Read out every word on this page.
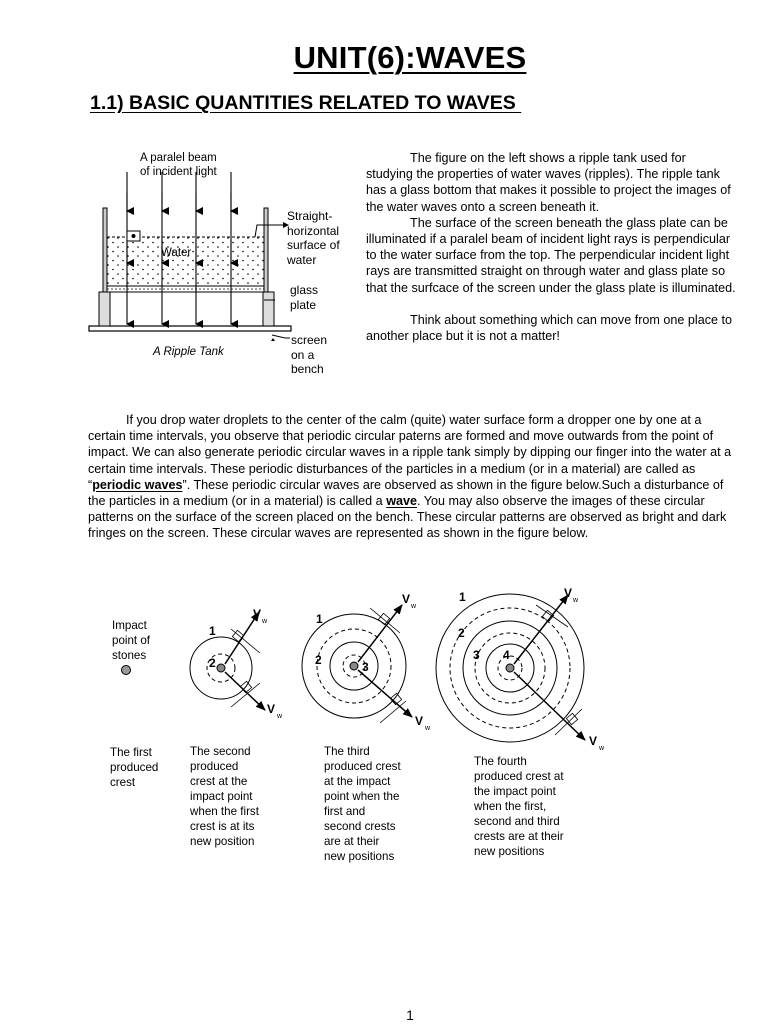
UNIT(6):WAVES
1.1) BASIC QUANTITIES RELATED TO WAVES
A paralel beam
of incident light
Water
A Ripple Tank
Straight-
horizontal
surface of
water
glass
plate
screen
on a
bench

The figure on the left shows a ripple tank used for studying the properties of water waves (ripples). The ripple tank has a glass bottom that makes it possible to project the images of the water waves onto a screen beneath it.

The surface of the screen beneath the glass plate can be illuminated if a paralel beam of incident light rays is perpendicular to the water surface from the top. The perpendicular incident light rays are transmitted straight on through water and glass plate so that the surfcace of the screen under the glass plate is illuminated.

Think about something which can move from one place to another place but it is not a matter!

If you drop water droplets to the center of the calm (quite) water surface form a dropper one by one at a certain time intervals, you observe that periodic circular paterns are formed and move outwards from the point of impact. We can also generate periodic circular waves in a ripple tank simply by dipping our finger into the water at a certain time intervals. These periodic disturbances of the particles in a medium (or in a material) are called as “periodic waves”. These periodic circular waves are observed as shown in the figure below.Such a disturbance of the particles in a medium (or in a material) is called a wave. You may also observe the images of these circular patterns on the surface of the screen placed on the bench. These circular patterns are observed as bright and dark fringes on the screen. These circular waves are represented as shown in the figure below.

1
2
V
w
V
w
1
2	3
V
w
V
w
1
2
3 4
V
w
V
w
Impact
point of
stones
The first
produced
crest
The second
produced
crest at the
impact point
when the first
crest is at its
new position
The third
produced crest
at the impact
point when the
first and
second crests
are at their
new positions
The fourth
produced crest at
the impact point
when the first,
second and third
crests are at their
new positions
1
